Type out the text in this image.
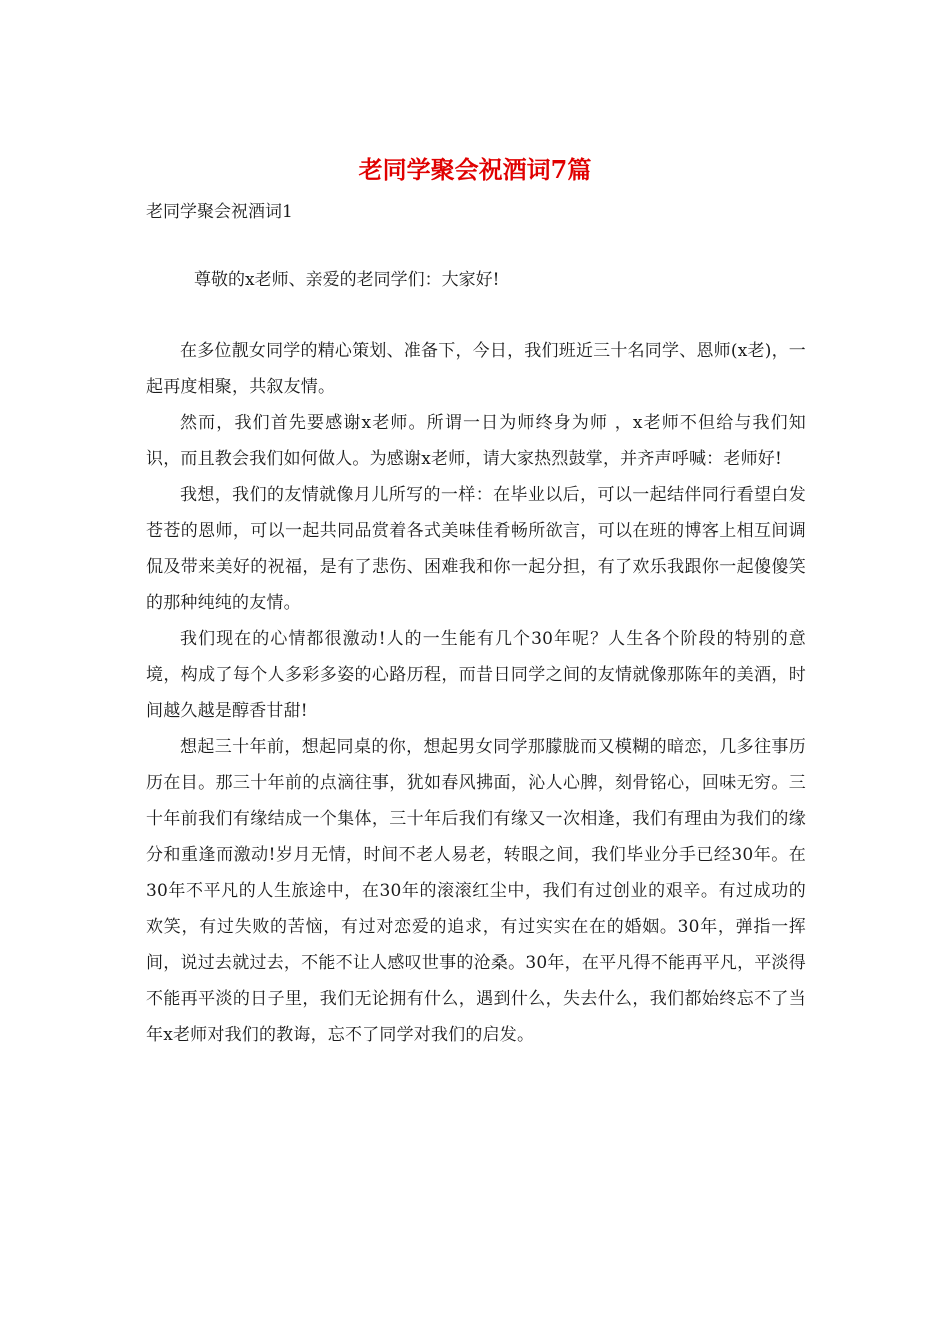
老同学聚会祝酒词7篇
老同学聚会祝酒词1
尊敬的x老师、亲爱的老同学们：大家好!

在多位靓女同学的精心策划、准备下，今日，我们班近三十名同学、恩师(x老)，一起再度相聚，共叙友情。

然而，我们首先要感谢x老师。所谓一日为师终身为师 ，x老师不但给与我们知识，而且教会我们如何做人。为感谢x老师，请大家热烈鼓掌，并齐声呼喊：老师好!

我想，我们的友情就像月儿所写的一样：在毕业以后，可以一起结伴同行看望白发苍苍的恩师，可以一起共同品赏着各式美味佳肴畅所欲言，可以在班的博客上相互间调侃及带来美好的祝福，是有了悲伤、困难我和你一起分担，有了欢乐我跟你一起傻傻笑的那种纯纯的友情。

我们现在的心情都很激动!人的一生能有几个30年呢？人生各个阶段的特别的意境，构成了每个人多彩多姿的心路历程，而昔日同学之间的友情就像那陈年的美酒，时间越久越是醇香甘甜!

想起三十年前，想起同桌的你，想起男女同学那朦胧而又模糊的暗恋，几多往事历历在目。那三十年前的点滴往事，犹如春风拂面，沁人心脾，刻骨铭心，回味无穷。三十年前我们有缘结成一个集体，三十年后我们有缘又一次相逢，我们有理由为我们的缘分和重逢而激动!岁月无情，时间不老人易老，转眼之间，我们毕业分手已经30年。在30年不平凡的人生旅途中，在30年的滚滚红尘中，我们有过创业的艰辛。有过成功的欢笑，有过失败的苦恼，有过对恋爱的追求，有过实实在在的婚姻。30年，弹指一挥间，说过去就过去，不能不让人感叹世事的沧桑。30年，在平凡得不能再平凡，平淡得不能再平淡的日子里，我们无论拥有什么，遇到什么，失去什么，我们都始终忘不了当年x老师对我们的教诲，忘不了同学对我们的启发。
